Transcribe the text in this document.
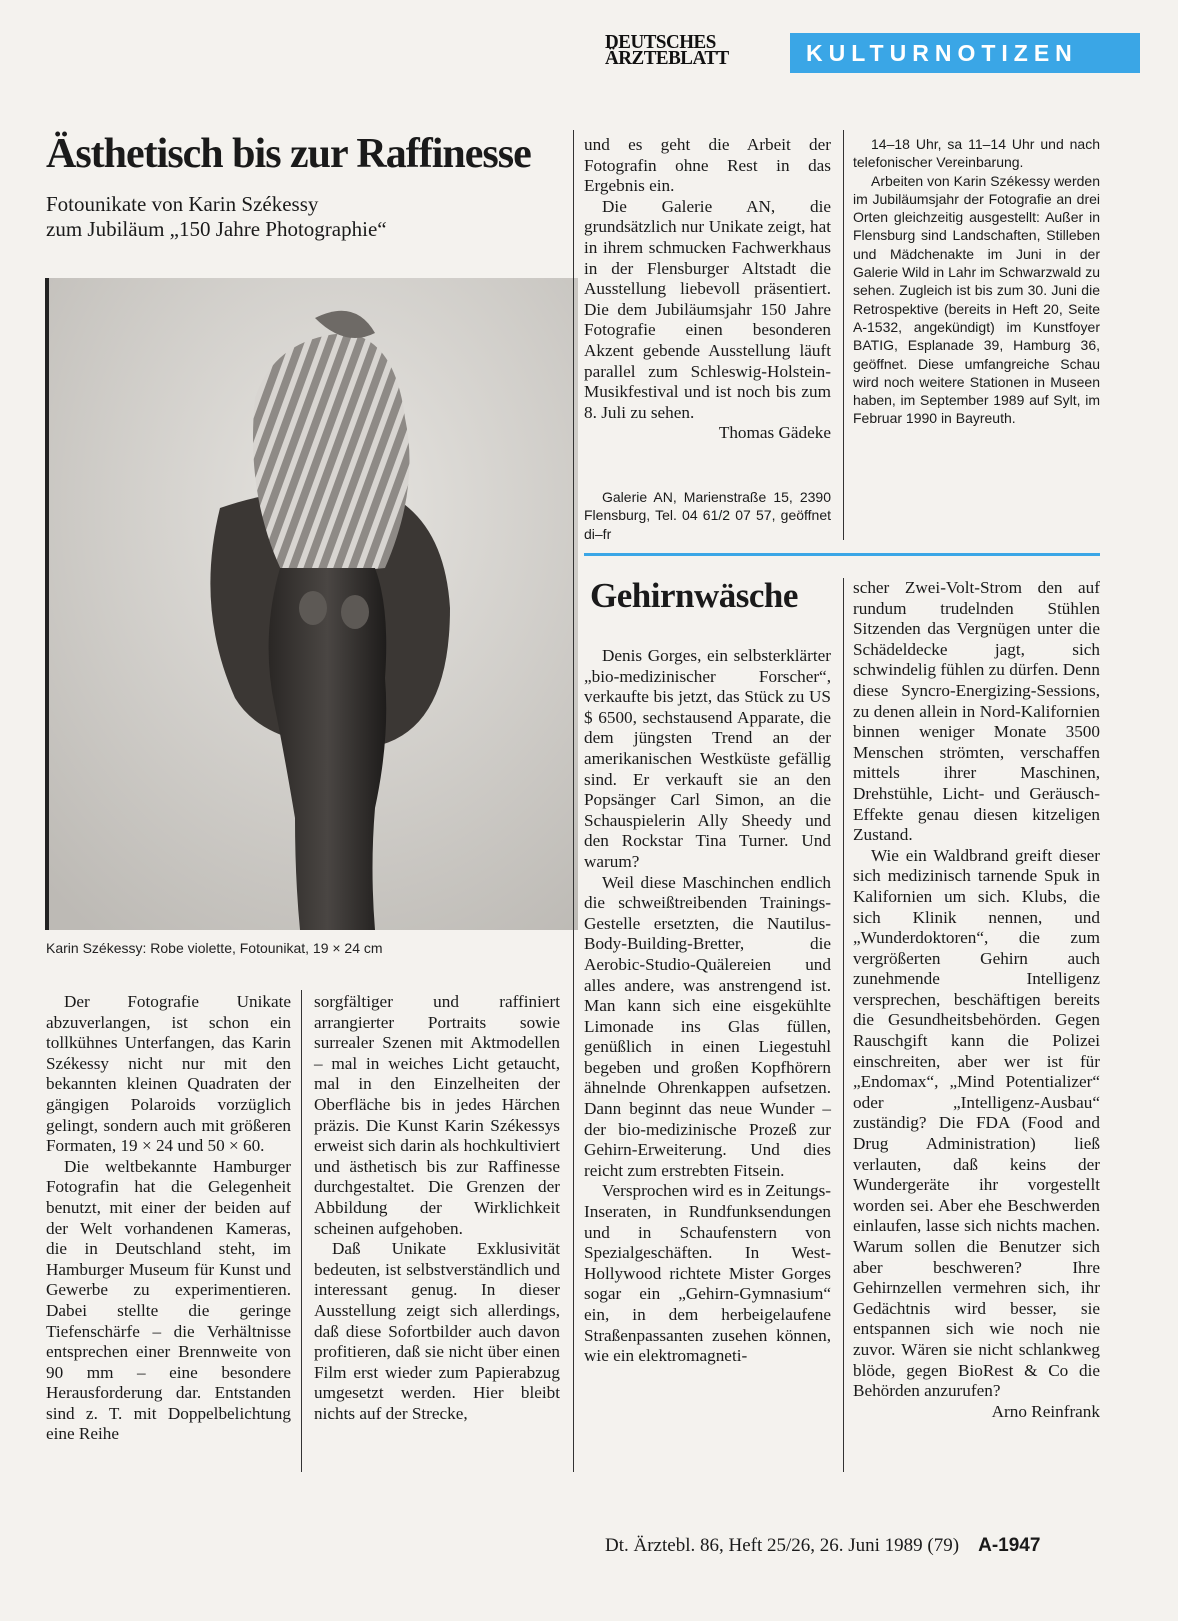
DEUTSCHES
ÄRZTEBLATT	KULTURNOTIZEN
Ästhetisch bis zur Raffinesse
Fotounikate von Karin Székessy
zum Jubiläum „150 Jahre Photographie“
Karin Székessy: Robe violette, Fotounikat, 19 × 24 cm

Der Fotografie Unikate abzuverlangen, ist schon ein tollkühnes Unterfangen, das Karin Székessy nicht nur mit den bekannten kleinen Quadraten der gängigen Polaroids vorzüglich gelingt, sondern auch mit größeren Formaten, 19 × 24 und 50 × 60.

Die weltbekannte Hamburger Fotografin hat die Gelegenheit benutzt, mit einer der beiden auf der Welt vorhandenen Kameras, die in Deutschland steht, im Hamburger Museum für Kunst und Gewerbe zu experimentieren. Dabei stellte die geringe Tiefenschärfe – die Verhältnisse entsprechen einer Brennweite von 90 mm – eine besondere Herausforderung dar. Entstanden sind z. T. mit Doppelbelichtung eine Reihe

sorgfältiger und raffiniert arrangierter Portraits sowie surrealer Szenen mit Aktmodellen – mal in weiches Licht getaucht, mal in den Einzelheiten der Oberfläche bis in jedes Härchen präzis. Die Kunst Karin Székessys erweist sich darin als hochkultiviert und ästhetisch bis zur Raffinesse durchgestaltet. Die Grenzen der Abbildung der Wirklichkeit scheinen aufgehoben.

Daß Unikate Exklusivität bedeuten, ist selbstverständlich und interessant genug. In dieser Ausstellung zeigt sich allerdings, daß diese Sofortbilder auch davon profitieren, daß sie nicht über einen Film erst wieder zum Papierabzug umgesetzt werden. Hier bleibt nichts auf der Strecke,

und es geht die Arbeit der Fotografin ohne Rest in das Ergebnis ein.

Die Galerie AN, die grundsätzlich nur Unikate zeigt, hat in ihrem schmucken Fachwerkhaus in der Flensburger Altstadt die Ausstellung liebevoll präsentiert. Die dem Jubiläumsjahr 150 Jahre Fotografie einen besonderen Akzent gebende Ausstellung läuft parallel zum Schleswig-Holstein-Musikfestival und ist noch bis zum 8. Juli zu sehen.

Thomas Gädeke

Galerie AN, Marienstraße 15, 2390 Flensburg, Tel. 04 61/2 07 57, geöffnet di–fr

14–18 Uhr, sa 11–14 Uhr und nach telefonischer Vereinbarung.

Arbeiten von Karin Székessy werden im Jubiläumsjahr der Fotografie an drei Orten gleichzeitig ausgestellt: Außer in Flensburg sind Landschaften, Stilleben und Mädchenakte im Juni in der Galerie Wild in Lahr im Schwarzwald zu sehen. Zugleich ist bis zum 30. Juni die Retrospektive (bereits in Heft 20, Seite A-1532, angekündigt) im Kunstfoyer BATIG, Esplanade 39, Hamburg 36, geöffnet. Diese umfangreiche Schau wird noch weitere Stationen in Museen haben, im September 1989 auf Sylt, im Februar 1990 in Bayreuth.

Gehirnwäsche

Denis Gorges, ein selbsterklärter „bio-medizinischer Forscher“, verkaufte bis jetzt, das Stück zu US $ 6500, sechstausend Apparate, die dem jüngsten Trend an der amerikanischen Westküste gefällig sind. Er verkauft sie an den Popsänger Carl Simon, an die Schauspielerin Ally Sheedy und den Rockstar Tina Turner. Und warum?

Weil diese Maschinchen endlich die schweißtreibenden Trainings-Gestelle ersetzten, die Nautilus-Body-Building-Bretter, die Aerobic-Studio-Quälereien und alles andere, was anstrengend ist. Man kann sich eine eisgekühlte Limonade ins Glas füllen, genüßlich in einen Liegestuhl begeben und großen Kopfhörern ähnelnde Ohrenkappen aufsetzen. Dann beginnt das neue Wunder – der bio-medizinische Prozeß zur Gehirn-Erweiterung. Und dies reicht zum erstrebten Fitsein.

Versprochen wird es in Zeitungs-Inseraten, in Rundfunksendungen und in Schaufenstern von Spezialgeschäften. In West-Hollywood richtete Mister Gorges sogar ein „Gehirn-Gymnasium“ ein, in dem herbeigelaufene Straßenpassanten zusehen können, wie ein elektromagneti-

scher Zwei-Volt-Strom den auf rundum trudelnden Stühlen Sitzenden das Vergnügen unter die Schädeldecke jagt, sich schwindelig fühlen zu dürfen. Denn diese Syncro-Energizing-Sessions, zu denen allein in Nord-Kalifornien binnen weniger Monate 3500 Menschen strömten, verschaffen mittels ihrer Maschinen, Drehstühle, Licht- und Geräusch-Effekte genau diesen kitzeligen Zustand.

Wie ein Waldbrand greift dieser sich medizinisch tarnende Spuk in Kalifornien um sich. Klubs, die sich Klinik nennen, und „Wunderdoktoren“, die zum vergrößerten Gehirn auch zunehmende Intelligenz versprechen, beschäftigen bereits die Gesundheitsbehörden. Gegen Rauschgift kann die Polizei einschreiten, aber wer ist für „Endomax“, „Mind Potentializer“ oder „Intelligenz-Ausbau“ zuständig? Die FDA (Food and Drug Administration) ließ verlauten, daß keins der Wundergeräte ihr vorgestellt worden sei. Aber ehe Beschwerden einlaufen, lasse sich nichts machen. Warum sollen die Benutzer sich aber beschweren? Ihre Gehirnzellen vermehren sich, ihr Gedächtnis wird besser, sie entspannen sich wie noch nie zuvor. Wären sie nicht schlankweg blöde, gegen BioRest & Co die Behörden anzurufen?

Arno Reinfrank

Dt. Ärztebl. 86, Heft 25/26, 26. Juni 1989 (79) A-1947
